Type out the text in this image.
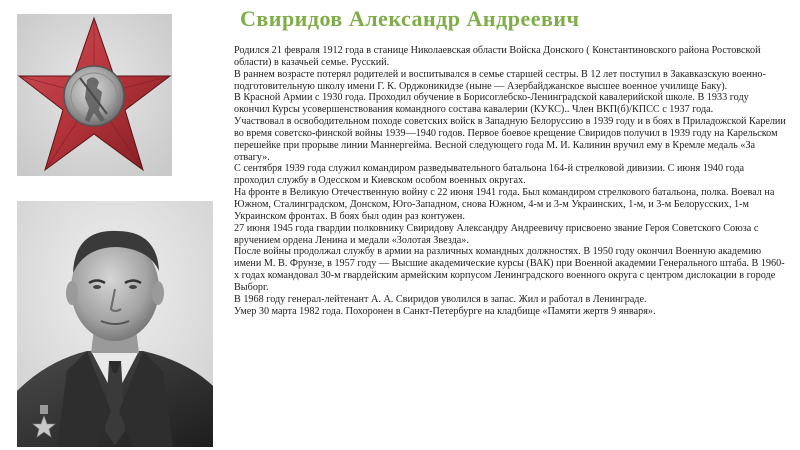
Свиридов Александр Андреевич

Родился 21 февраля 1912 года в станице Николаевская области Войска Донского ( Константиновского района Ростовской области) в казачьей семье. Русский.

В раннем возрасте потерял родителей и воспитывался в семье старшей сестры. В 12 лет поступил в Закавказскую военно-подготовительную школу имени Г. К. Орджоникидзе (ныне — Азербайджанское высшее военное училище Баку).

В Красной Армии с 1930 года. Проходил обучение в Борисоглебско-Ленинградской кавалерийской школе. В 1933 году окончил Курсы усовершенствования командного состава кавалерии (КУКС).. Член ВКП(б)/КПСС с 1937 года.

Участвовал в освободительном походе советских войск в Западную Белоруссию в 1939 году и в боях в Приладожской Карелии во время советско-финской войны 1939—1940 годов. Первое боевое крещение Свиридов получил в 1939 году на Карельском перешейке при прорыве линии Маннергейма. Весной следующего года М. И. Калинин вручил ему в Кремле медаль «За отвагу».

С сентября 1939 года служил командиром разведывательного батальона 164-й стрелковой дивизии. С июня 1940 года проходил службу в Одесском и Киевском особом военных округах.

На фронте в Великую Отечественную войну с 22 июня 1941 года. Был командиром стрелкового батальона, полка. Воевал на Южном, Сталинградском, Донском, Юго-Западном, снова Южном, 4-м и 3-м Украинских, 1-м, и 3-м Белорусских, 1-м Украинском фронтах. В боях был один раз контужен.

27 июня 1945 года гвардии полковнику Свиридову Александру Андреевичу присвоено звание Героя Советского Союза с вручением ордена Ленина и медали «Золотая Звезда».

После войны продолжал службу в армии на различных командных должностях. В 1950 году окончил Военную академию имени М. В. Фрунзе, в 1957 году — Высшие академические курсы (ВАК) при Военной академии Генерального штаба. В 1960-х годах командовал 30-м гвардейским армейским корпусом Ленинградского военного округа с центром дислокации в городе Выборг.

В 1968 году генерал-лейтенант А. А. Свиридов уволился в запас. Жил и работал в Ленинграде.

Умер 30 марта 1982 года. Похоронен в Санкт-Петербурге на кладбище «Памяти жертв 9 января».
